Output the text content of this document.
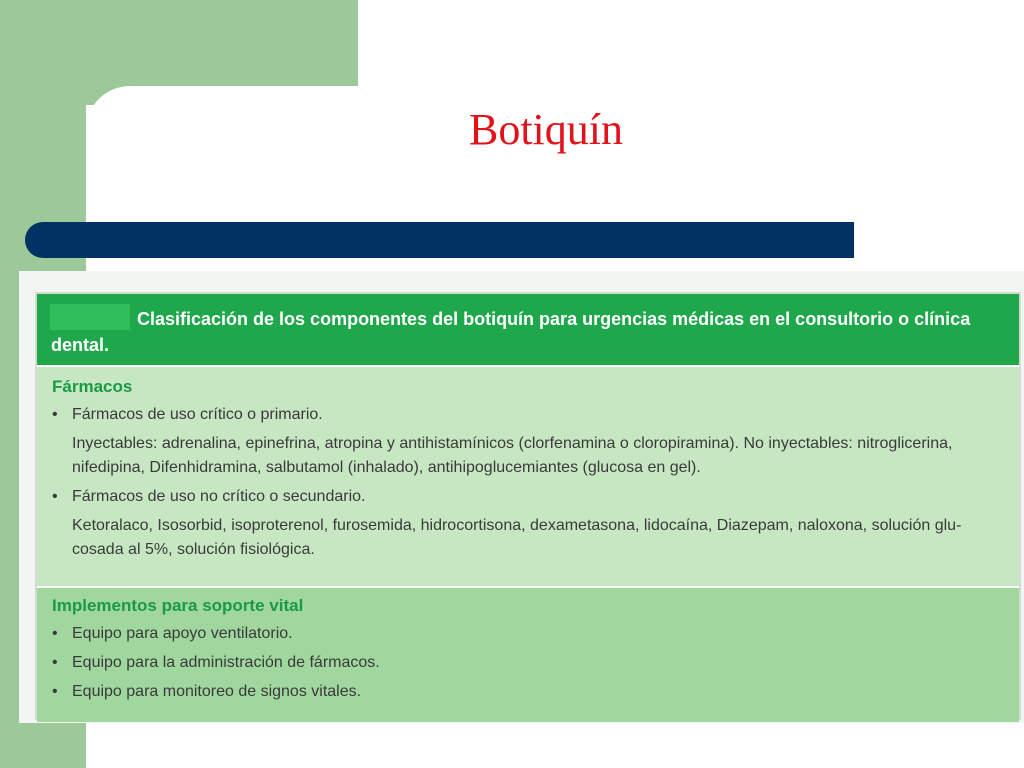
Botiquín
Clasificación de los componentes del botiquín para urgencias médicas en el consultorio o clínica dental.
Fármacos
• Fármacos de uso crítico o primario.
Inyectables: adrenalina, epinefrina, atropina y antihistamínicos (clorfenamina o cloropiramina). No inyectables: nitroglicerina, nifedipina, Difenhidramina, salbutamol (inhalado), antihipoglucemiantes (glucosa en gel).
• Fármacos de uso no crítico o secundario.
Ketoralaco, Isosorbid, isoproterenol, furosemida, hidrocortisona, dexametasona, lidocaína, Diazepam, naloxona, solución glu-cosada al 5%, solución fisiológica.
Implementos para soporte vital
• Equipo para apoyo ventilatorio.
• Equipo para la administración de fármacos.
• Equipo para monitoreo de signos vitales.
